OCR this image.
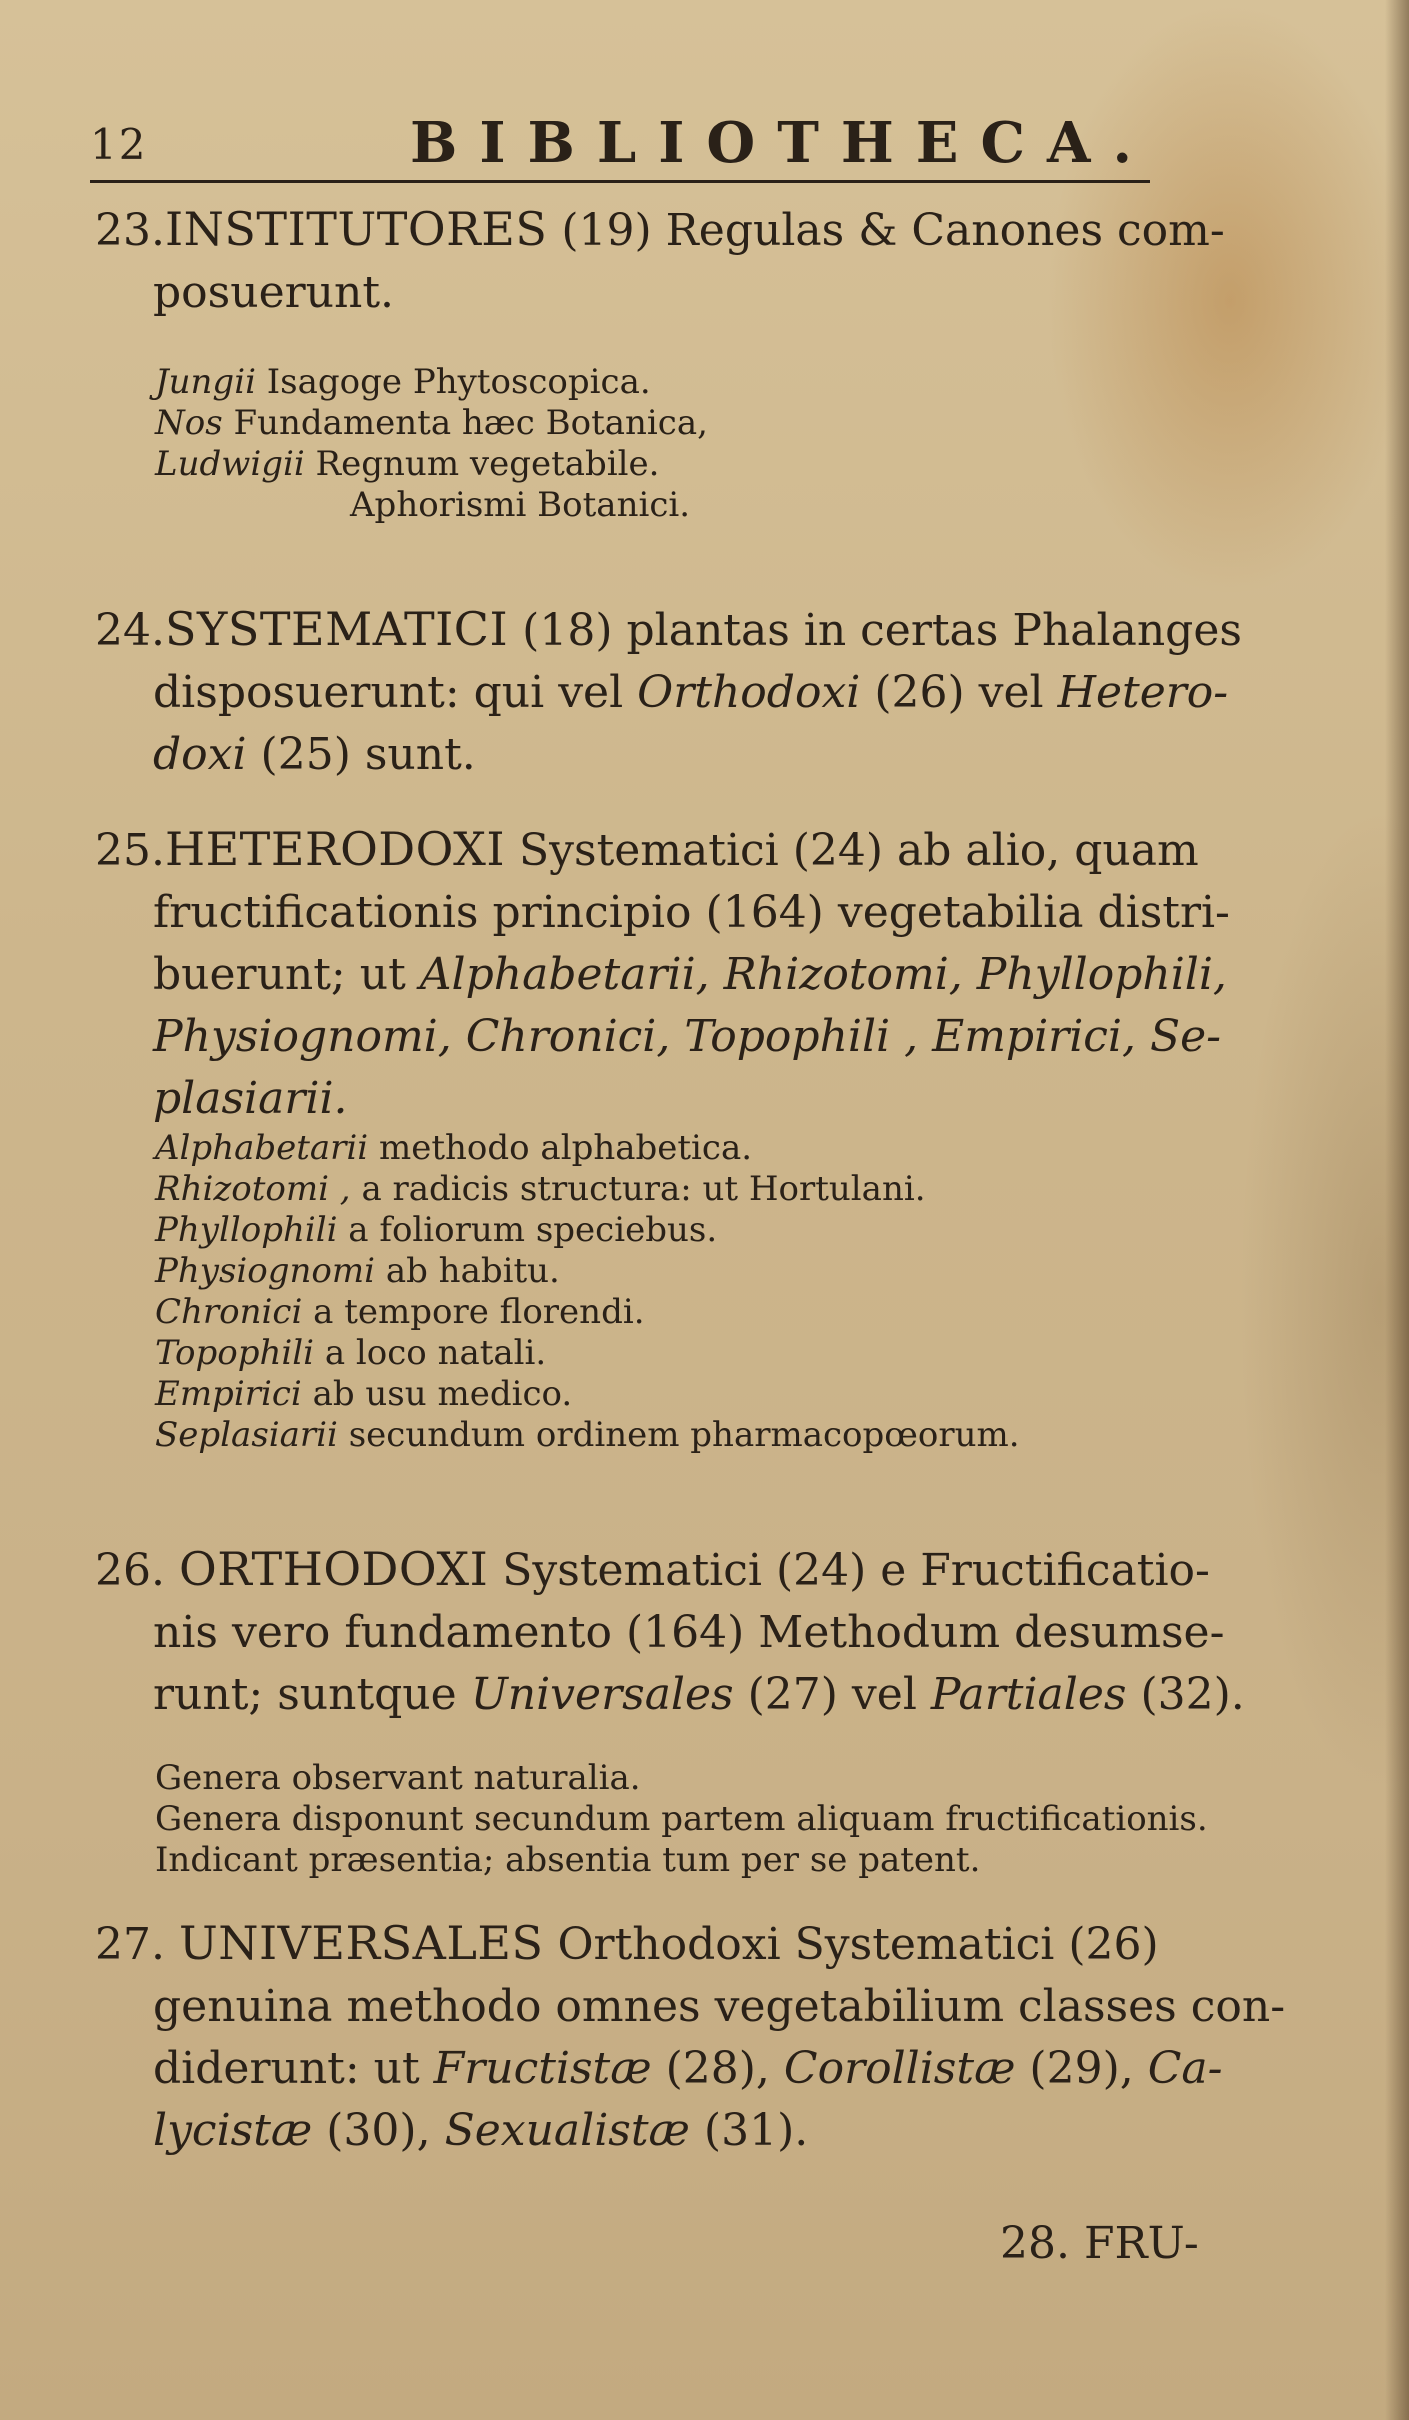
12	BIBLIOTHECA.
23.INSTITUTORES (19) Regulas & Canones com-
posuerunt.
Jungii Isagoge Phytoscopica.
Nos Fundamenta hæc Botanica,
Ludwigii Regnum vegetabile.
Aphorismi Botanici.
24.SYSTEMATICI (18) plantas in certas Phalanges
disposuerunt: qui vel Orthodoxi (26) vel Hetero-
doxi (25) sunt.
25.HETERODOXI Systematici (24) ab alio, quam
fructificationis principio (164) vegetabilia distri-
buerunt; ut Alphabetarii, Rhizotomi, Phyllophili,
Physiognomi, Chronici, Topophili , Empirici, Se-
plasiarii.
Alphabetarii methodo alphabetica.
Rhizotomi , a radicis structura: ut Hortulani.
Phyllophili a foliorum speciebus.
Physiognomi ab habitu.
Chronici a tempore florendi.
Topophili a loco natali.
Empirici ab usu medico.
Seplasiarii secundum ordinem pharmacopœorum.
26. ORTHODOXI Systematici (24) e Fructificatio-
nis vero fundamento (164) Methodum desumse-
runt; suntque Universales (27) vel Partiales (32).
Genera observant naturalia.
Genera disponunt secundum partem aliquam fructificationis.
Indicant præsentia; absentia tum per se patent.
27. UNIVERSALES Orthodoxi Systematici (26)
genuina methodo omnes vegetabilium classes con-
diderunt: ut Fructistæ (28), Corollistæ (29), Ca-
lycistæ (30), Sexualistæ (31).
28. FRU-
